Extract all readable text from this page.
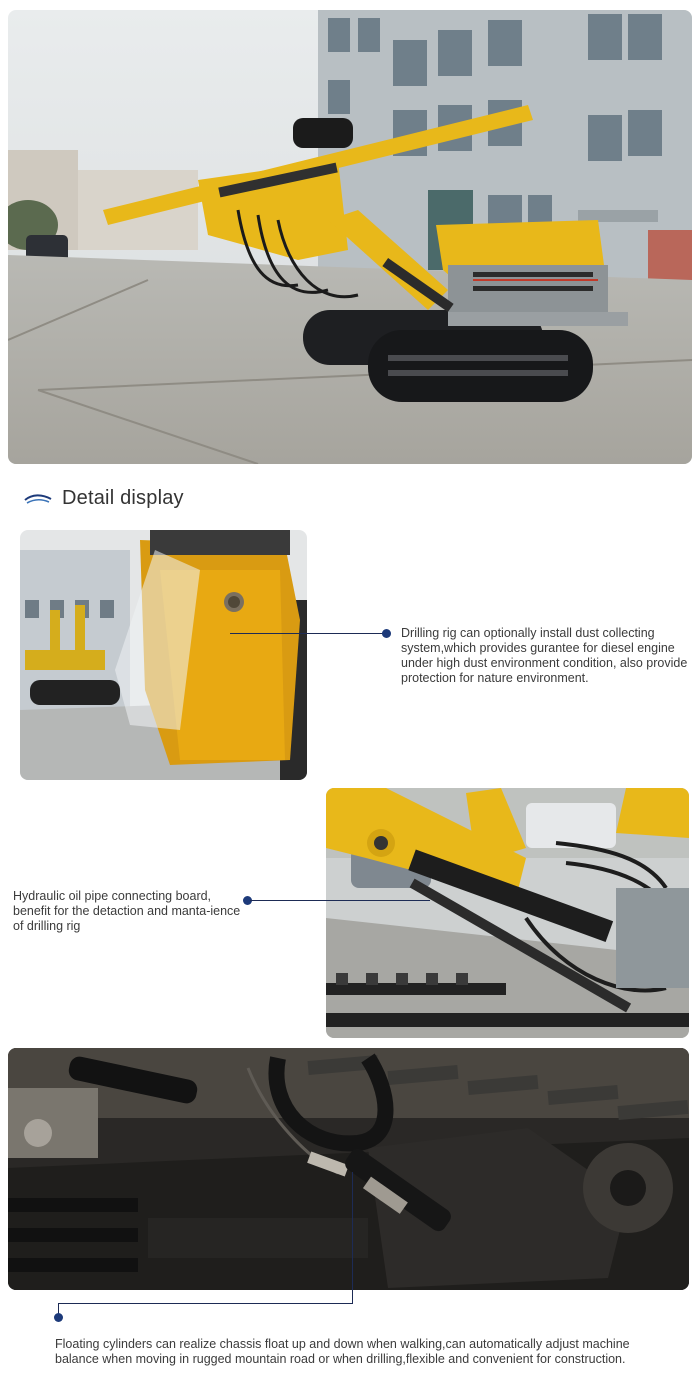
Detail display
Drilling rig can optionally install dust collecting system,which provides gurantee for diesel engine under high dust environment condition, also provide protection for nature environment.
Hydraulic oil pipe connecting board, benefit for the detaction and manta-ience of drilling rig
Floating cylinders can realize chassis float up and down when walking,can automatically adjust machine balance when moving in rugged mountain road or when drilling,flexible and convenient for construction.
